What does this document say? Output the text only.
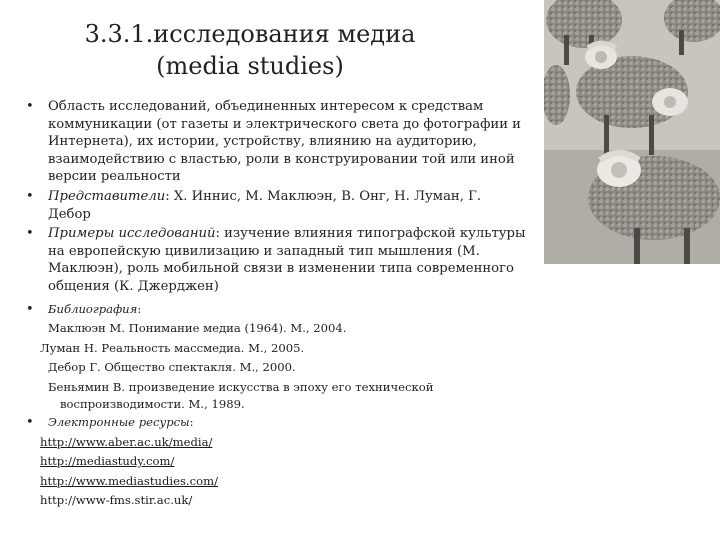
3.3.1.исследования медиа
(media studies)
• Область исследований, объединенных интересом к средствам коммуникации (от газеты и электрического света до фотографии и Интернета), их истории, устройству, влиянию на аудиторию, взаимодействию с властью, роли в конструировании той или иной версии реальности
• Представители: Х. Иннис, М. Маклюэн, В. Онг, Н. Луман, Г. Дебор
• Примеры исследований: изучение влияния типографской культуры на европейскую цивилизацию и западный тип мышления (М. Маклюэн), роль мобильной связи в изменении типа современного общения (К. Джерджен)
• Библиография:
Маклюэн М. Понимание медиа (1964). М., 2004.
Луман Н. Реальность массмедиа. М., 2005.
Дебор Г. Общество спектакля. М., 2000.
Беньямин В. произведение искусства в эпоху его технической
воспроизводимости. М., 1989.
• Электронные ресурсы:
http://www.aber.ac.uk/media/
http://mediastudy.com/
http://www.mediastudies.com/
http://www-fms.stir.ac.uk/
